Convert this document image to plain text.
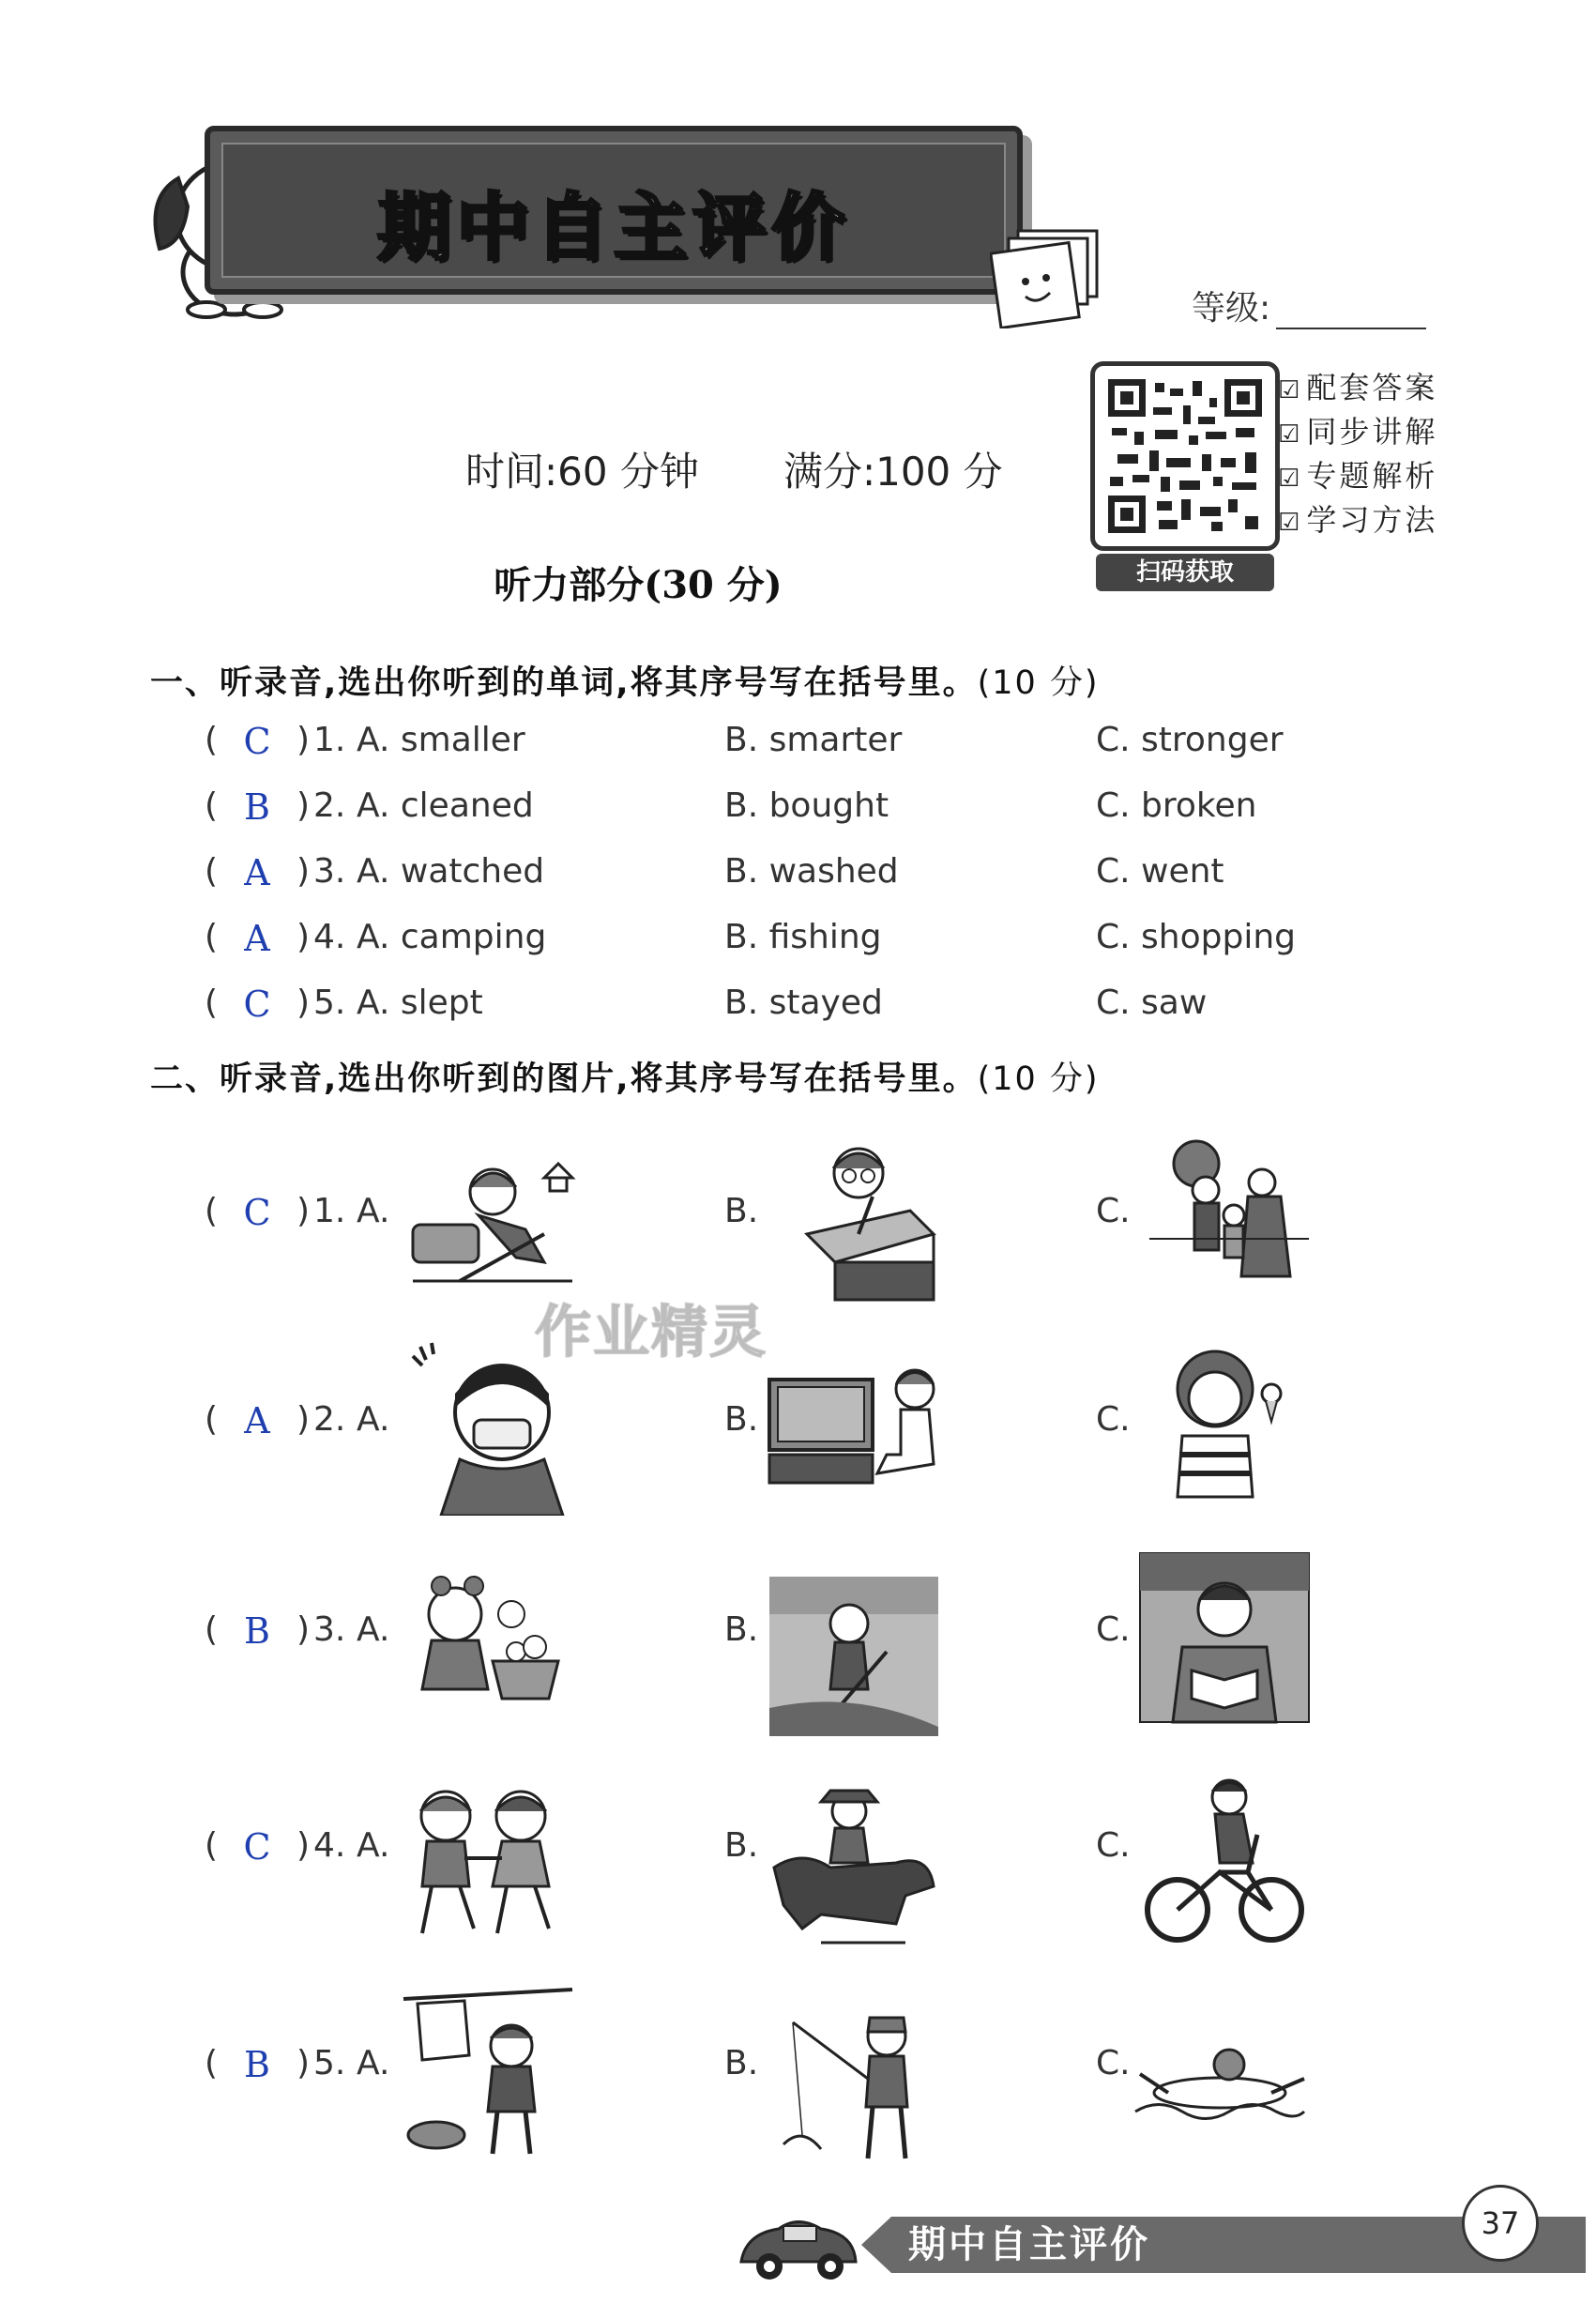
期中自主评价
等级:
☑ 配套答案
☑ 同步讲解
☑ 专题解析
☑ 学习方法
扫码获取
时间:60 分钟 满分:100 分
听力部分(30 分)
一、听录音,选出你听到的单词,将其序号写在括号里。(10 分)
( C ) 1. A. smaller	B. smarter	C. stronger
( B ) 2. A. cleaned	B. bought	C. broken
( A ) 3. A. watched	B. washed	C. went
( A ) 4. A. camping	B. fishing	C. shopping
( C ) 5. A. slept	B. stayed	C. saw
二、听录音,选出你听到的图片,将其序号写在括号里。(10 分)
( C ) 1. A.	B.	C.
( A ) 2. A.	B.	C.
( B ) 3. A.	B.	C.
( C ) 4. A.	B.	C.
( B ) 5. A.	B.	C.
作业精灵
期中自主评价	37
